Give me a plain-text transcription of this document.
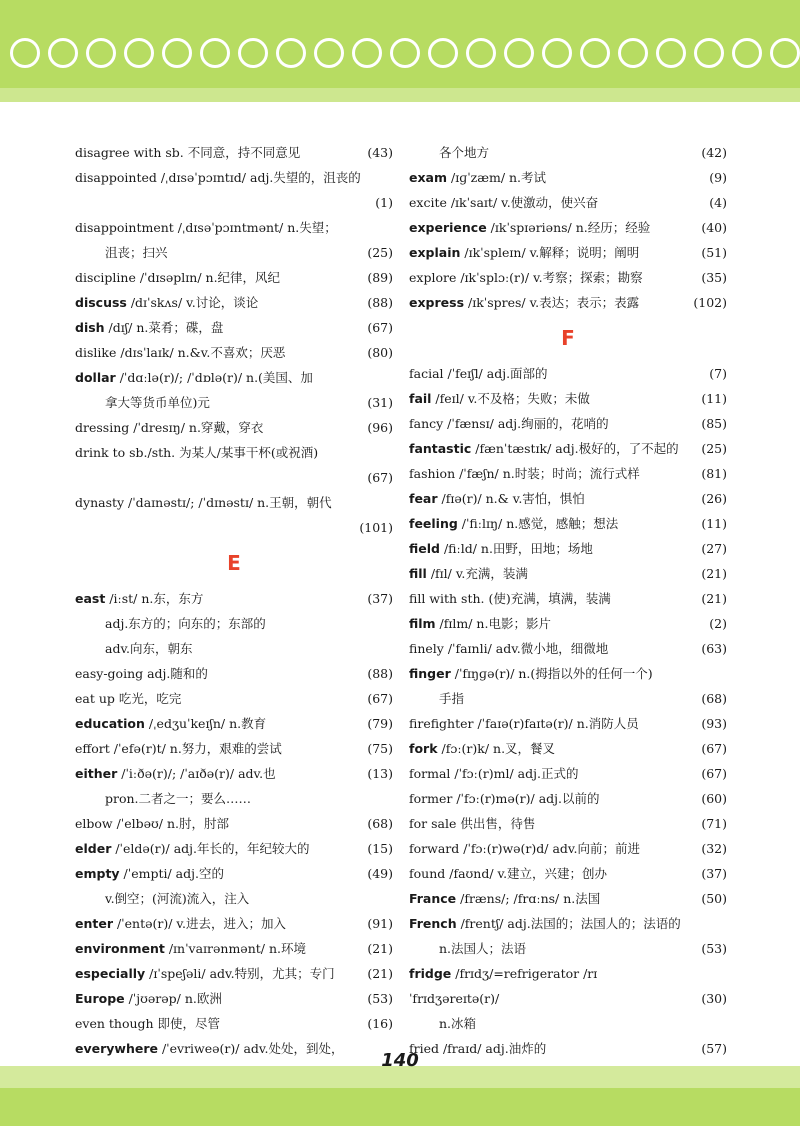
disagree with sb. 不同意，持不同意见	(43)
disappointed /ˌdɪsəˈpɔɪntɪd/ adj.失望的，沮丧的
(1)
disappointment /ˌdɪsəˈpɔɪntmənt/ n.失望；
沮丧；扫兴	(25)
discipline /ˈdɪsəplɪn/ n.纪律，风纪	(89)
discuss /dɪˈskʌs/ v.讨论，谈论	(88)
dish /dɪʃ/ n.菜肴；碟，盘	(67)
dislike /dɪsˈlaɪk/ n.&v.不喜欢；厌恶	(80)
dollar /ˈdɑːlə(r)/; /ˈdɒlə(r)/ n.(美国、加
拿大等货币单位)元	(31)
dressing /ˈdresɪŋ/ n.穿戴，穿衣	(96)
drink to sb./sth. 为某人/某事干杯(或祝酒)
(67)
dynasty /ˈdaɪnəstɪ/; /ˈdɪnəstɪ/ n.王朝，朝代
(101)
E
east /iːst/ n.东，东方	(37)
adj.东方的；向东的；东部的
adv.向东，朝东
easy-going adj.随和的	(88)
eat up 吃光，吃完	(67)
education /ˌedʒuˈkeɪʃn/ n.教育	(79)
effort /ˈefə(r)t/ n.努力，艰难的尝试	(75)
either /ˈiːðə(r)/; /ˈaɪðə(r)/ adv.也	(13)
pron.二者之一；要么……
elbow /ˈelbəʊ/ n.肘，肘部	(68)
elder /ˈeldə(r)/ adj.年长的，年纪较大的	(15)
empty /ˈempti/ adj.空的	(49)
v.倒空；(河流)流入，注入
enter /ˈentə(r)/ v.进去，进入；加入	(91)
environment /ɪnˈvaɪrənmənt/ n.环境	(21)
especially /ɪˈspeʃəli/ adv.特别，尤其；专门	(21)
Europe /ˈjʊərəp/ n.欧洲	(53)
even though 即使，尽管	(16)
everywhere /ˈevriweə(r)/ adv.处处，到处，
各个地方	(42)
exam /ɪɡˈzæm/ n.考试	(9)
excite /ɪkˈsaɪt/ v.使激动，使兴奋	(4)
experience /ɪkˈspɪəriəns/ n.经历；经验	(40)
explain /ɪkˈspleɪn/ v.解释；说明；阐明	(51)
explore /ɪkˈsplɔː(r)/ v.考察；探索；勘察	(35)
express /ɪkˈspres/ v.表达；表示；表露	(102)
F
facial /ˈfeɪʃl/ adj.面部的	(7)
fail /feɪl/ v.不及格；失败；未做	(11)
fancy /ˈfænsɪ/ adj.绚丽的，花哨的	(85)
fantastic /fænˈtæstɪk/ adj.极好的，了不起的 (25)
fashion /ˈfæʃn/ n.时装；时尚；流行式样	(81)
fear /fɪə(r)/ n.& v.害怕，惧怕	(26)
feeling /ˈfiːlɪŋ/ n.感觉，感触；想法	(11)
field /fiːld/ n.田野，田地；场地	(27)
fill /fɪl/ v.充满，装满	(21)
fill with sth. (使)充满，填满，装满	(21)
film /fɪlm/ n.电影；影片	(2)
finely /ˈfaɪnli/ adv.微小地，细微地	(63)
finger /ˈfɪŋɡə(r)/ n.(拇指以外的任何一个)
手指	(68)
firefighter /ˈfaɪə(r)faɪtə(r)/ n.消防人员	(93)
fork /fɔː(r)k/ n.叉，餐叉	(67)
formal /ˈfɔː(r)ml/ adj.正式的	(67)
former /ˈfɔː(r)mə(r)/ adj.以前的	(60)
for sale 供出售，待售	(71)
forward /ˈfɔː(r)wə(r)d/ adv.向前；前进	(32)
found /faʊnd/ v.建立，兴建；创办	(37)
France /fræns/; /frɑːns/ n.法国	(50)
French /frentʃ/ adj.法国的；法国人的；法语的
n.法国人；法语	(53)
fridge /frɪdʒ/=refrigerator /rɪˈfrɪdʒəreɪtə(r)/
n.冰箱
(30)
fried /fraɪd/ adj.油炸的	(57)
140
